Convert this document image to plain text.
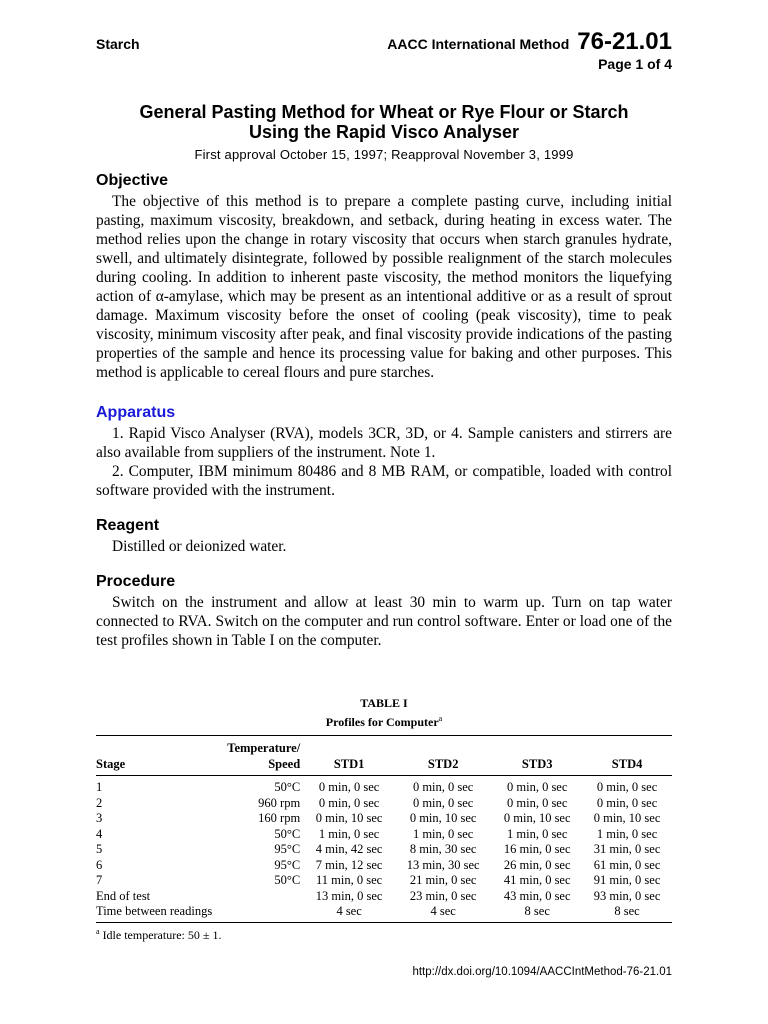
Starch	AACC International Method 76-21.01
Page 1 of 4
General Pasting Method for Wheat or Rye Flour or Starch
Using the Rapid Visco Analyser
First approval October 15, 1997; Reapproval November 3, 1999
Objective

The objective of this method is to prepare a complete pasting curve, including initial pasting, maximum viscosity, breakdown, and setback, during heating in excess water. The method relies upon the change in rotary viscosity that occurs when starch granules hydrate, swell, and ultimately disintegrate, followed by possible realignment of the starch molecules during cooling. In addition to inherent paste viscosity, the method monitors the liquefying action of α-amylase, which may be present as an intentional additive or as a result of sprout damage. Maximum viscosity before the onset of cooling (peak viscosity), time to peak viscosity, minimum viscosity after peak, and final viscosity provide indications of the pasting properties of the sample and hence its processing value for baking and other purposes. This method is applicable to cereal flours and pure starches.

Apparatus

1. Rapid Visco Analyser (RVA), models 3CR, 3D, or 4. Sample canisters and stirrers are also available from suppliers of the instrument. Note 1.

2. Computer, IBM minimum 80486 and 8 MB RAM, or compatible, loaded with control software provided with the instrument.

Reagent

Distilled or deionized water.

Procedure

Switch on the instrument and allow at least 30 min to warm up. Turn on tap water connected to RVA. Switch on the computer and run control software. Enter or load one of the test profiles shown in Table I on the computer.

TABLE I
Profiles for Computer$^a$
	Temperature/				
Stage	Speed	STD1	STD2	STD3	STD4
1	50°C	0 min, 0 sec	0 min, 0 sec	0 min, 0 sec	0 min, 0 sec
2	960 rpm	0 min, 0 sec	0 min, 0 sec	0 min, 0 sec	0 min, 0 sec
3	160 rpm	0 min, 10 sec	0 min, 10 sec	0 min, 10 sec	0 min, 10 sec
4	50°C	1 min, 0 sec	1 min, 0 sec	1 min, 0 sec	1 min, 0 sec
5	95°C	4 min, 42 sec	8 min, 30 sec	16 min, 0 sec	31 min, 0 sec
6	95°C	7 min, 12 sec	13 min, 30 sec	26 min, 0 sec	61 min, 0 sec
7	50°C	11 min, 0 sec	21 min, 0 sec	41 min, 0 sec	91 min, 0 sec
End of test		13 min, 0 sec	23 min, 0 sec	43 min, 0 sec	93 min, 0 sec
Time between readings		4 sec	4 sec	8 sec	8 sec
$^a$ Idle temperature: 50 ± 1.
http://dx.doi.org/10.1094/AACCIntMethod-76-21.01
